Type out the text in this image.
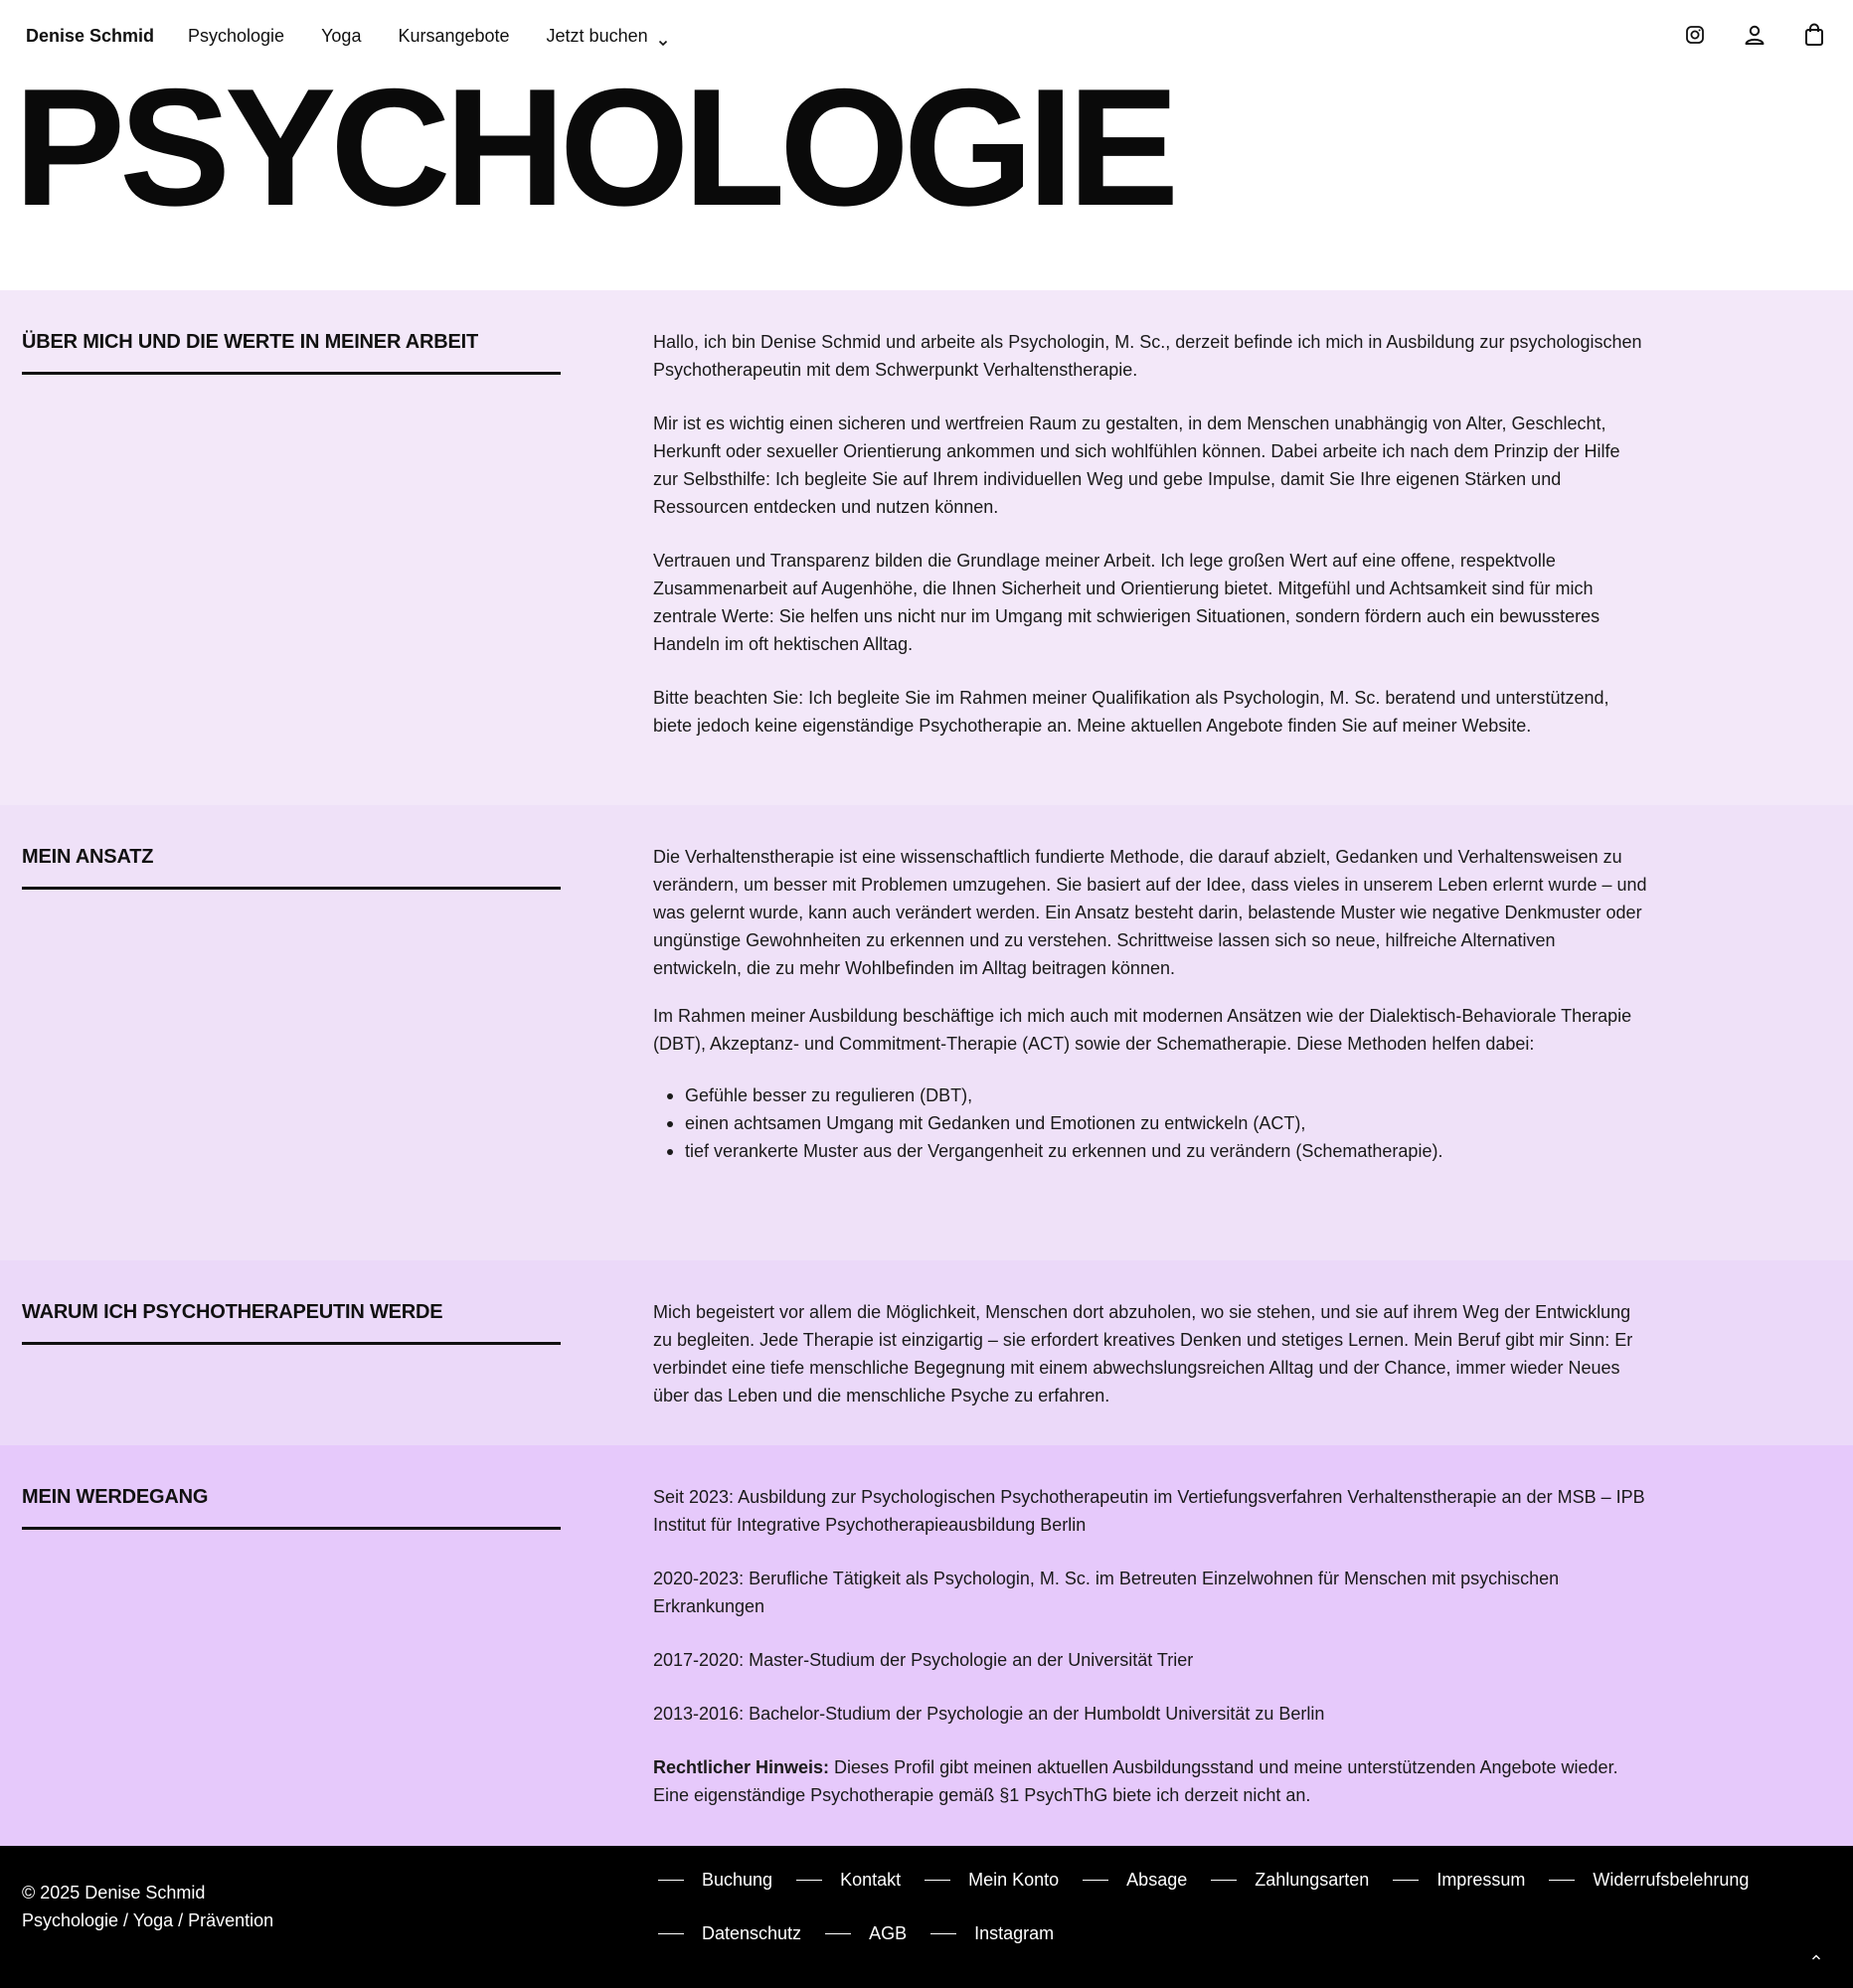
Denise Schmid Psychologie Yoga Kursangebote Jetzt buchen
PSYCHOLOGIE
ÜBER MICH UND DIE WERTE IN MEINER ARBEIT	Hallo, ich bin Denise Schmid und arbeite als Psychologin, M. Sc., derzeit befinde ich mich in Ausbildung zur psychologischen Psychotherapeutin mit dem Schwerpunkt Verhaltenstherapie.

Mir ist es wichtig einen sicheren und wertfreien Raum zu gestalten, in dem Menschen unabhängig von Alter, Geschlecht, Herkunft oder sexueller Orientierung ankommen und sich wohlfühlen können. Dabei arbeite ich nach dem Prinzip der Hilfe zur Selbsthilfe: Ich begleite Sie auf Ihrem individuellen Weg und gebe Impulse, damit Sie Ihre eigenen Stärken und Ressourcen entdecken und nutzen können.

Vertrauen und Transparenz bilden die Grundlage meiner Arbeit. Ich lege großen Wert auf eine offene, respektvolle Zusammenarbeit auf Augenhöhe, die Ihnen Sicherheit und Orientierung bietet. Mitgefühl und Achtsamkeit sind für mich zentrale Werte: Sie helfen uns nicht nur im Umgang mit schwierigen Situationen, sondern fördern auch ein bewussteres Handeln im oft hektischen Alltag.

Bitte beachten Sie: Ich begleite Sie im Rahmen meiner Qualifikation als Psychologin, M. Sc. beratend und unterstützend, biete jedoch keine eigenständige Psychotherapie an. Meine aktuellen Angebote finden Sie auf meiner Website.

MEIN ANSATZ	Die Verhaltenstherapie ist eine wissenschaftlich fundierte Methode, die darauf abzielt, Gedanken und Verhaltensweisen zu verändern, um besser mit Problemen umzugehen. Sie basiert auf der Idee, dass vieles in unserem Leben erlernt wurde – und was gelernt wurde, kann auch verändert werden. Ein Ansatz besteht darin, belastende Muster wie negative Denkmuster oder ungünstige Gewohnheiten zu erkennen und zu verstehen. Schrittweise lassen sich so neue, hilfreiche Alternativen entwickeln, die zu mehr Wohlbefinden im Alltag beitragen können.

Im Rahmen meiner Ausbildung beschäftige ich mich auch mit modernen Ansätzen wie der Dialektisch-Behaviorale Therapie (DBT), Akzeptanz- und Commitment-Therapie (ACT) sowie der Schematherapie. Diese Methoden helfen dabei:

Gefühle besser zu regulieren (DBT),
einen achtsamen Umgang mit Gedanken und Emotionen zu entwickeln (ACT),
tief verankerte Muster aus der Vergangenheit zu erkennen und zu verändern (Schematherapie).
WARUM ICH PSYCHOTHERAPEUTIN WERDE	Mich begeistert vor allem die Möglichkeit, Menschen dort abzuholen, wo sie stehen, und sie auf ihrem Weg der Entwicklung zu begleiten. Jede Therapie ist einzigartig – sie erfordert kreatives Denken und stetiges Lernen. Mein Beruf gibt mir Sinn: Er verbindet eine tiefe menschliche Begegnung mit einem abwechslungsreichen Alltag und der Chance, immer wieder Neues über das Leben und die menschliche Psyche zu erfahren.

MEIN WERDEGANG	Seit 2023: Ausbildung zur Psychologischen Psychotherapeutin im Vertiefungsverfahren Verhaltenstherapie an der MSB – IPB Institut für Integrative Psychotherapieausbildung Berlin

2020-2023: Berufliche Tätigkeit als Psychologin, M. Sc. im Betreuten Einzelwohnen für Menschen mit psychischen Erkrankungen

2017-2020: Master-Studium der Psychologie an der Universität Trier

2013-2016: Bachelor-Studium der Psychologie an der Humboldt Universität zu Berlin

Rechtlicher Hinweis: Dieses Profil gibt meinen aktuellen Ausbildungsstand und meine unterstützenden Angebote wieder. Eine eigenständige Psychotherapie gemäß §1 PsychThG biete ich derzeit nicht an.

© 2025 Denise Schmid
Psychologie / Yoga / Prävention
Buchung	Kontakt	Mein Konto	Absage	Zahlungsarten	Impressum	Widerrufsbelehrung
Datenschutz	AGB	Instagram
